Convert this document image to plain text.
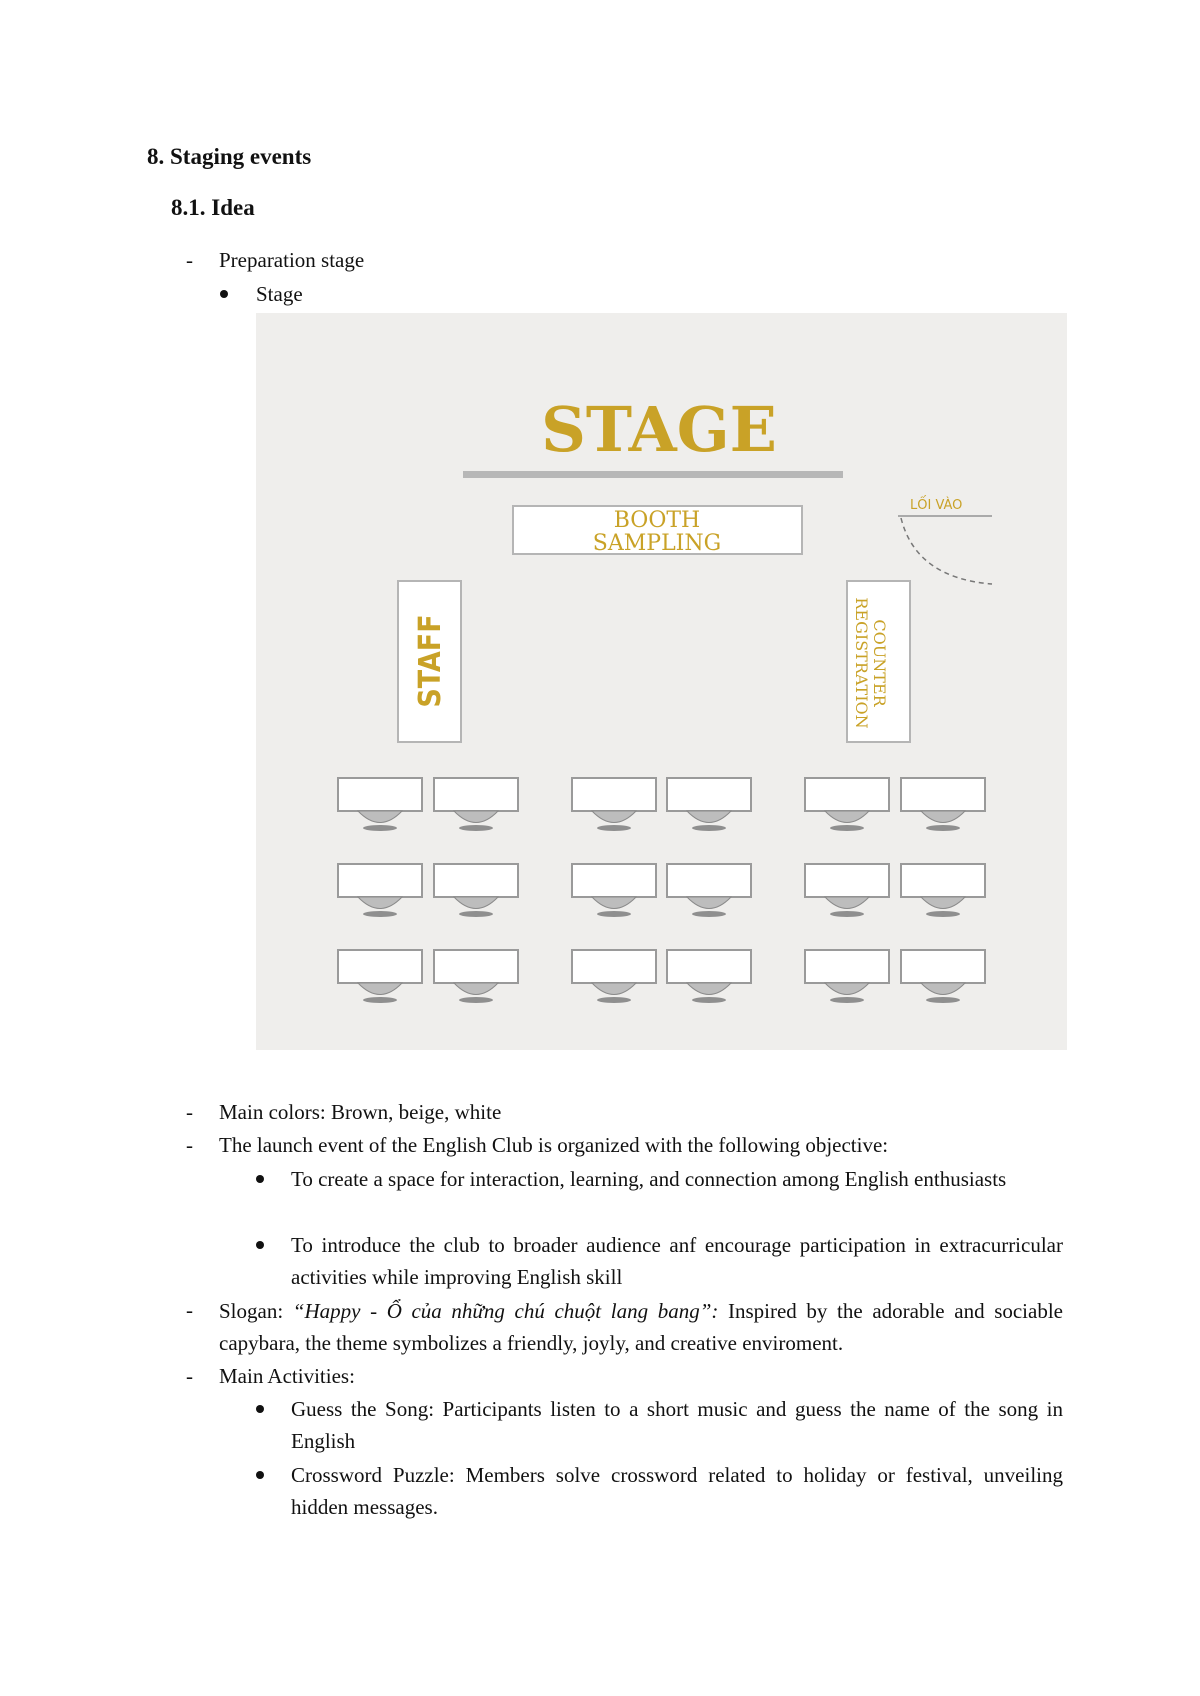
8. Staging events
8.1. Idea
- Preparation stage
Stage
STAGE
BOOTH
SAMPLING
LỐI VÀO
STAFF	REGISTRATION COUNTER
- Main colors: Brown, beige, white
- The launch event of the English Club is organized with the following objective:
To create a space for interaction, learning, and connection among English enthusiasts
To introduce the club to broader audience anf encourage participation in extracurricular activities while improving English skill
- Slogan: “Happy - Ổ của những chú chuột lang bang”: Inspired by the adorable and sociable capybara, the theme symbolizes a friendly, joyly, and creative enviroment.
- Main Activities:
Guess the Song: Participants listen to a short music and guess the name of the song in English
Crossword Puzzle: Members solve crossword related to holiday or festival, unveiling hidden messages.
